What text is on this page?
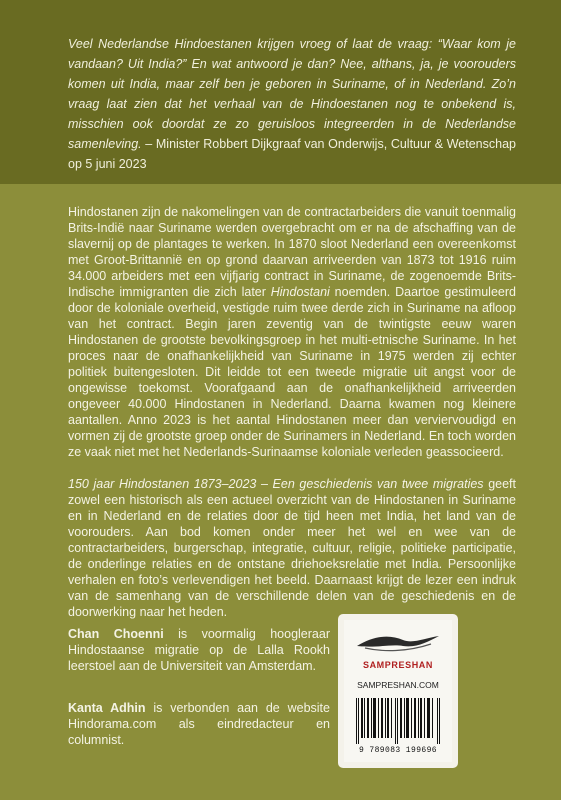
Veel Nederlandse Hindoestanen krijgen vroeg of laat de vraag: “Waar kom je vandaan? Uit India?” En wat antwoord je dan? Nee, althans, ja, je voorouders komen uit India, maar zelf ben je geboren in Suriname, of in Nederland. Zo’n vraag laat zien dat het verhaal van de Hindoestanen nog te onbekend is, misschien ook doordat ze zo geruisloos integreerden in de Nederlandse samenleving. – Minister Robbert Dijkgraaf van Onderwijs, Cultuur & Wetenschap op 5 juni 2023

Hindostanen zijn de nakomelingen van de contractarbeiders die vanuit toenmalig Brits-Indië naar Suriname werden overgebracht om er na de afschaffing van de slavernij op de plantages te werken. In 1870 sloot Nederland een overeenkomst met Groot-Brittannië en op grond daarvan arriveerden van 1873 tot 1916 ruim 34.000 arbeiders met een vijfjarig contract in Suriname, de zogenoemde Brits-Indische immigranten die zich later Hindostani noemden. Daartoe gestimuleerd door de koloniale overheid, vestigde ruim twee derde zich in Suriname na afloop van het contract. Begin jaren zeventig van de twintigste eeuw waren Hindostanen de grootste bevolkingsgroep in het multi-etnische Suriname. In het proces naar de onafhankelijkheid van Suriname in 1975 werden zij echter politiek buitengesloten. Dit leidde tot een tweede migratie uit angst voor de ongewisse toekomst. Voorafgaand aan de onafhankelijkheid arriveerden ongeveer 40.000 Hindostanen in Nederland. Daarna kwamen nog kleinere aantallen. Anno 2023 is het aantal Hindostanen meer dan verviervoudigd en vormen zij de grootste groep onder de Surinamers in Nederland. En toch worden ze vaak niet met het Nederlands-Surinaamse koloniale verleden geassocieerd.

150 jaar Hindostanen 1873–2023 – Een geschiedenis van twee migraties geeft zowel een historisch als een actueel overzicht van de Hindostanen in Suriname en in Nederland en de relaties door de tijd heen met India, het land van de voorouders. Aan bod komen onder meer het wel en wee van de contractarbeiders, burgerschap, integratie, cultuur, religie, politieke participatie, de onderlinge relaties en de ontstane driehoeksrelatie met India. Persoonlijke verhalen en foto’s verlevendigen het beeld. Daarnaast krijgt de lezer een indruk van de samenhang van de verschillende delen van de geschiedenis en de doorwerking naar het heden.

Chan Choenni is voormalig hoogleraar Hindostaanse migratie op de Lalla Rookh leerstoel aan de Universiteit van Amsterdam.

Kanta Adhin is verbonden aan de website Hindorama.com als eindredacteur en columnist.

SAMPRESHAN
SAMPRESHAN.COM
9 789083 199696
